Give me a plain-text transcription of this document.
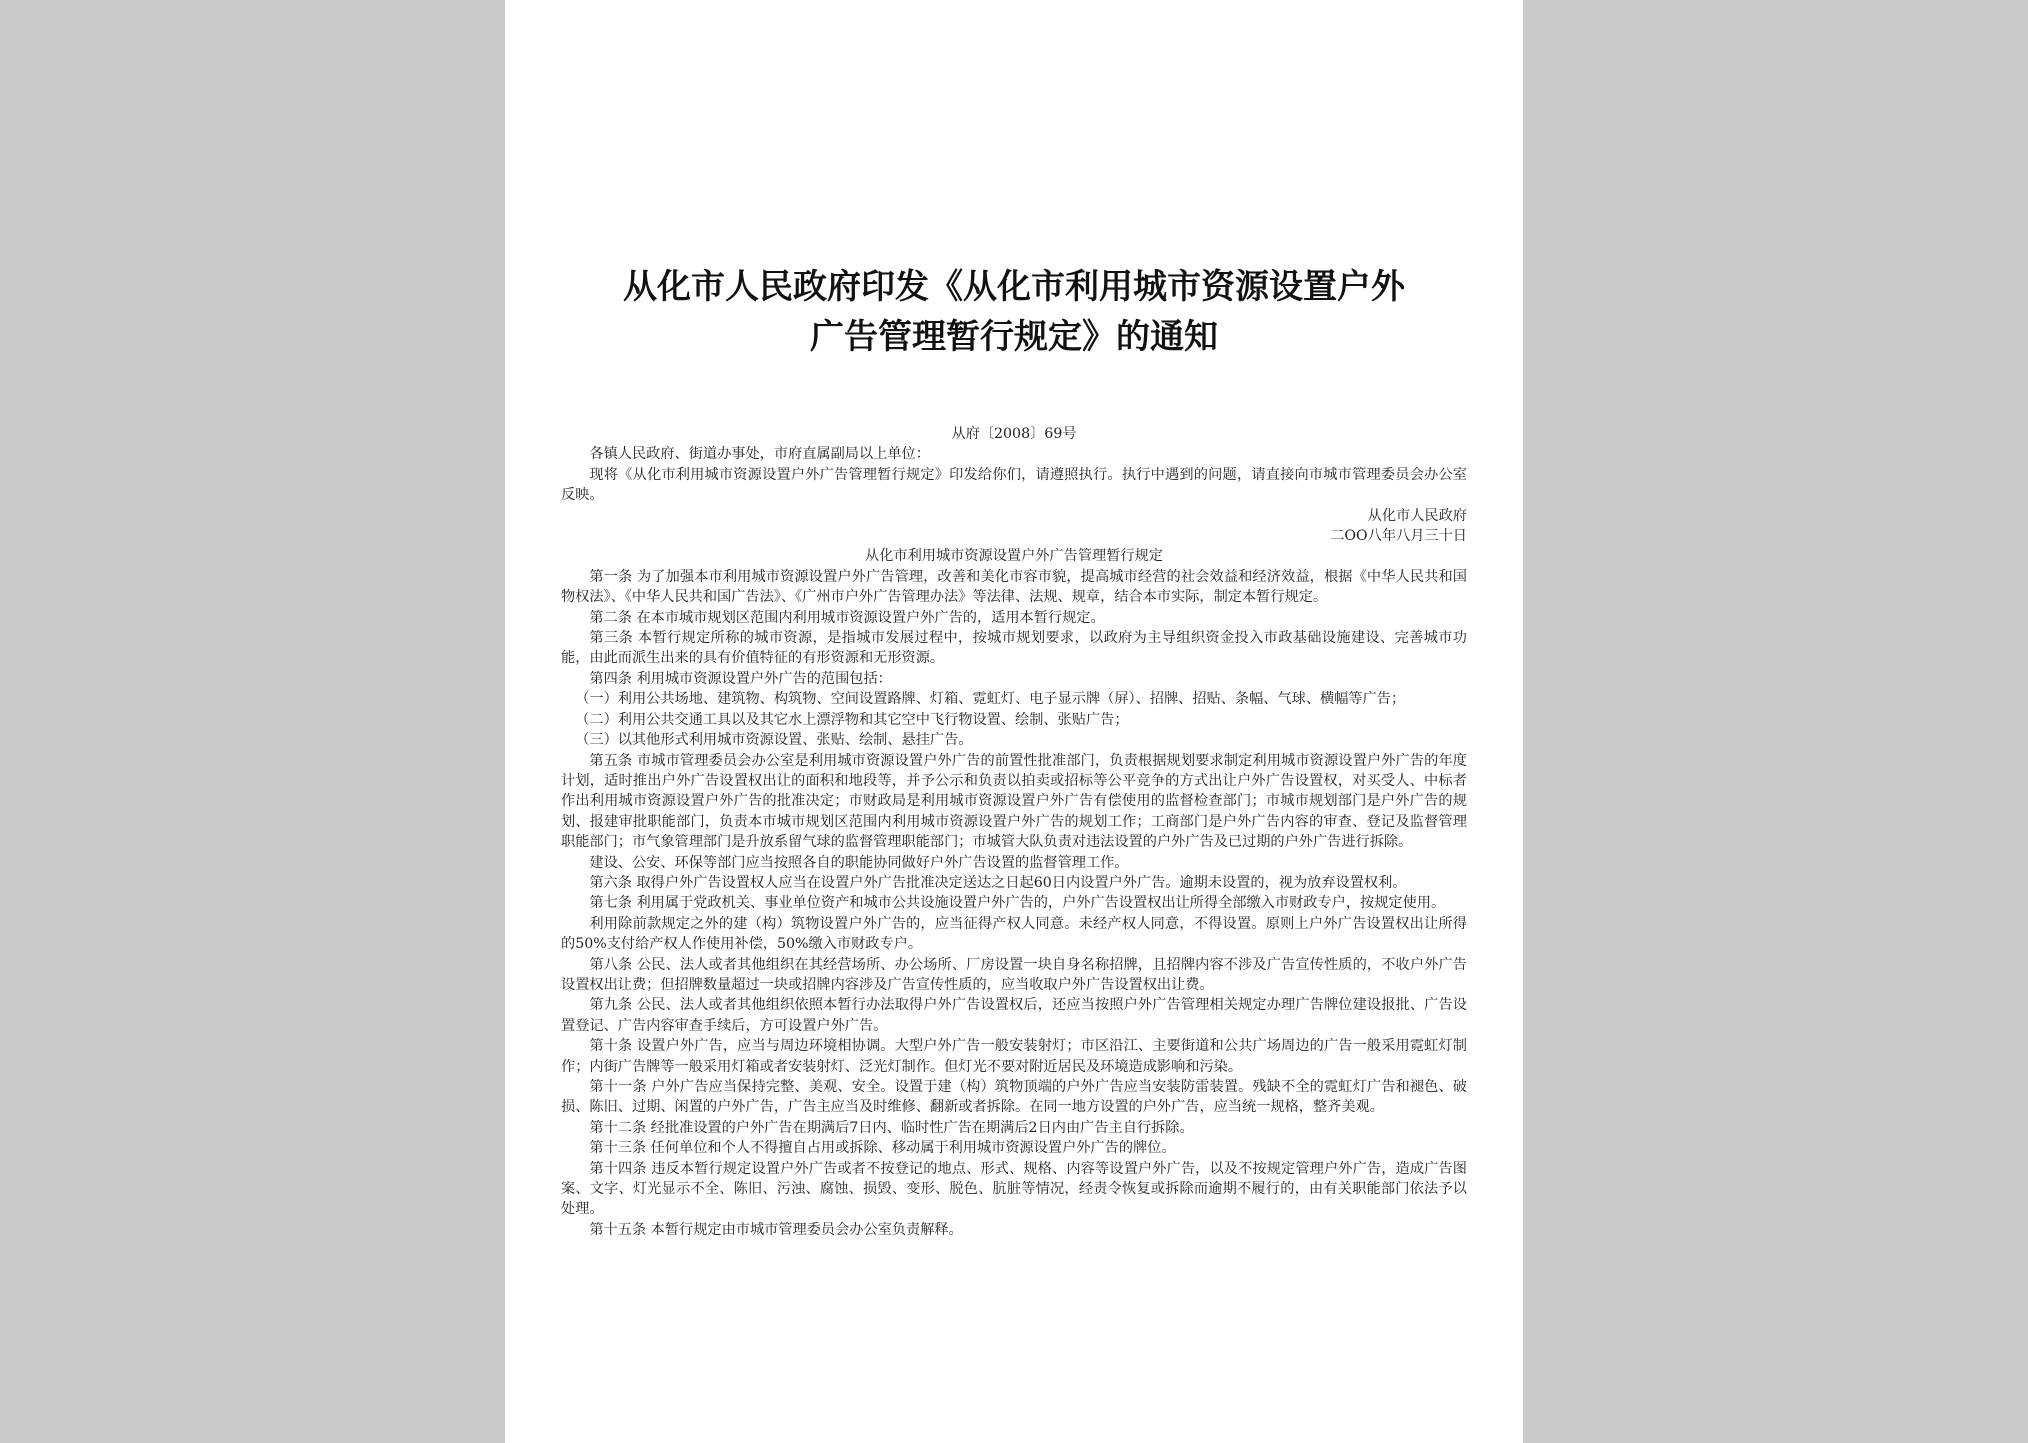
从化市人民政府印发《从化市利用城市资源设置户外
广告管理暂行规定》的通知

从府〔2008〕69号

各镇人民政府、街道办事处，市府直属副局以上单位：

现将《从化市利用城市资源设置户外广告管理暂行规定》印发给你们，请遵照执行。执行中遇到的问题，请直接向市城市管理委员会办公室反映。

从化市人民政府

二OO八年八月三十日

从化市利用城市资源设置户外广告管理暂行规定

第一条 为了加强本市利用城市资源设置户外广告管理，改善和美化市容市貌，提高城市经营的社会效益和经济效益，根据《中华人民共和国物权法》、《中华人民共和国广告法》、《广州市户外广告管理办法》等法律、法规、规章，结合本市实际，制定本暂行规定。

第二条 在本市城市规划区范围内利用城市资源设置户外广告的，适用本暂行规定。

第三条 本暂行规定所称的城市资源，是指城市发展过程中，按城市规划要求，以政府为主导组织资金投入市政基础设施建设、完善城市功能，由此而派生出来的具有价值特征的有形资源和无形资源。

第四条 利用城市资源设置户外广告的范围包括：

（一）利用公共场地、建筑物、构筑物、空间设置路牌、灯箱、霓虹灯、电子显示牌（屏）、招牌、招贴、条幅、气球、横幅等广告；

（二）利用公共交通工具以及其它水上漂浮物和其它空中飞行物设置、绘制、张贴广告；

（三）以其他形式利用城市资源设置、张贴、绘制、悬挂广告。

第五条 市城市管理委员会办公室是利用城市资源设置户外广告的前置性批准部门，负责根据规划要求制定利用城市资源设置户外广告的年度计划，适时推出户外广告设置权出让的面积和地段等，并予公示和负责以拍卖或招标等公平竞争的方式出让户外广告设置权，对买受人、中标者作出利用城市资源设置户外广告的批准决定；市财政局是利用城市资源设置户外广告有偿使用的监督检查部门；市城市规划部门是户外广告的规划、报建审批职能部门，负责本市城市规划区范围内利用城市资源设置户外广告的规划工作；工商部门是户外广告内容的审查、登记及监督管理职能部门；市气象管理部门是升放系留气球的监督管理职能部门；市城管大队负责对违法设置的户外广告及已过期的户外广告进行拆除。

建设、公安、环保等部门应当按照各自的职能协同做好户外广告设置的监督管理工作。

第六条 取得户外广告设置权人应当在设置户外广告批准决定送达之日起60日内设置户外广告。逾期未设置的，视为放弃设置权利。

第七条 利用属于党政机关、事业单位资产和城市公共设施设置户外广告的，户外广告设置权出让所得全部缴入市财政专户，按规定使用。

利用除前款规定之外的建（构）筑物设置户外广告的，应当征得产权人同意。未经产权人同意，不得设置。原则上户外广告设置权出让所得的50%支付给产权人作使用补偿，50%缴入市财政专户。

第八条 公民、法人或者其他组织在其经营场所、办公场所、厂房设置一块自身名称招牌，且招牌内容不涉及广告宣传性质的，不收户外广告设置权出让费；但招牌数量超过一块或招牌内容涉及广告宣传性质的，应当收取户外广告设置权出让费。

第九条 公民、法人或者其他组织依照本暂行办法取得户外广告设置权后，还应当按照户外广告管理相关规定办理广告牌位建设报批、广告设置登记、广告内容审查手续后，方可设置户外广告。

第十条 设置户外广告，应当与周边环境相协调。大型户外广告一般安装射灯；市区沿江、主要街道和公共广场周边的广告一般采用霓虹灯制作；内街广告牌等一般采用灯箱或者安装射灯、泛光灯制作。但灯光不要对附近居民及环境造成影响和污染。

第十一条 户外广告应当保持完整、美观、安全。设置于建（构）筑物顶端的户外广告应当安装防雷装置。残缺不全的霓虹灯广告和褪色、破损、陈旧、过期、闲置的户外广告，广告主应当及时维修、翻新或者拆除。在同一地方设置的户外广告，应当统一规格，整齐美观。

第十二条 经批准设置的户外广告在期满后7日内、临时性广告在期满后2日内由广告主自行拆除。

第十三条 任何单位和个人不得擅自占用或拆除、移动属于利用城市资源设置户外广告的牌位。

第十四条 违反本暂行规定设置户外广告或者不按登记的地点、形式、规格、内容等设置户外广告，以及不按规定管理户外广告，造成广告图案、文字、灯光显示不全、陈旧、污浊、腐蚀、损毁、变形、脱色、肮脏等情况，经责令恢复或拆除而逾期不履行的，由有关职能部门依法予以处理。

第十五条 本暂行规定由市城市管理委员会办公室负责解释。
